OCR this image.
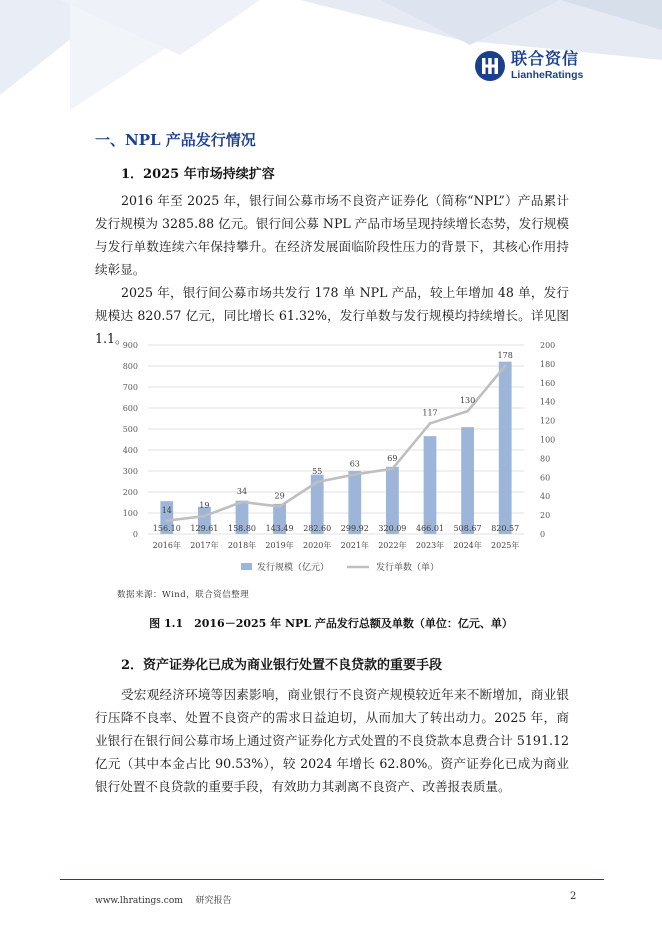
联合资信
LianheRatings
一、NPL 产品发行情况
1．2025 年市场持续扩容

2016 年至 2025 年，银行间公募市场不良资产证券化（简称“NPL”）产品累计发行规模为 3285.88 亿元。银行间公募 NPL 产品市场呈现持续增长态势，发行规模与发行单数连续六年保持攀升。在经济发展面临阶段性压力的背景下，其核心作用持续彰显。

2025 年，银行间公募市场共发行 178 单 NPL 产品，较上年增加 48 单，发行规模达 820.57 亿元，同比增长 61.32%，发行单数与发行规模均持续增长。详见图 1.1。

0
100
200
300
400
500
600
700
800
900
0
20
40
60
80
100
120
140
160
180
200
156.10 129.61 158.80 143.49 282.60 299.92 320.09 466.01 508.67 820.57
14
19
34
29
55
63
69
117
130
178
2016年 2017年 2018年 2019年 2020年 2021年 2022年 2023年 2024年 2025年
发行规模（亿元）	发行单数（单）
数据来源：Wind，联合资信整理
图 1.1　2016－2025 年 NPL 产品发行总额及单数（单位：亿元、单）
2．资产证券化已成为商业银行处置不良贷款的重要手段

受宏观经济环境等因素影响，商业银行不良资产规模较近年来不断增加，商业银行压降不良率、处置不良资产的需求日益迫切，从而加大了转出动力。2025 年，商业银行在银行间公募市场上通过资产证券化方式处置的不良贷款本息费合计 5191.12 亿元（其中本金占比 90.53%），较 2024 年增长 62.80%。资产证券化已成为商业银行处置不良贷款的重要手段，有效助力其剥离不良资产、改善报表质量。

www.lhratings.com 研究报告	2
